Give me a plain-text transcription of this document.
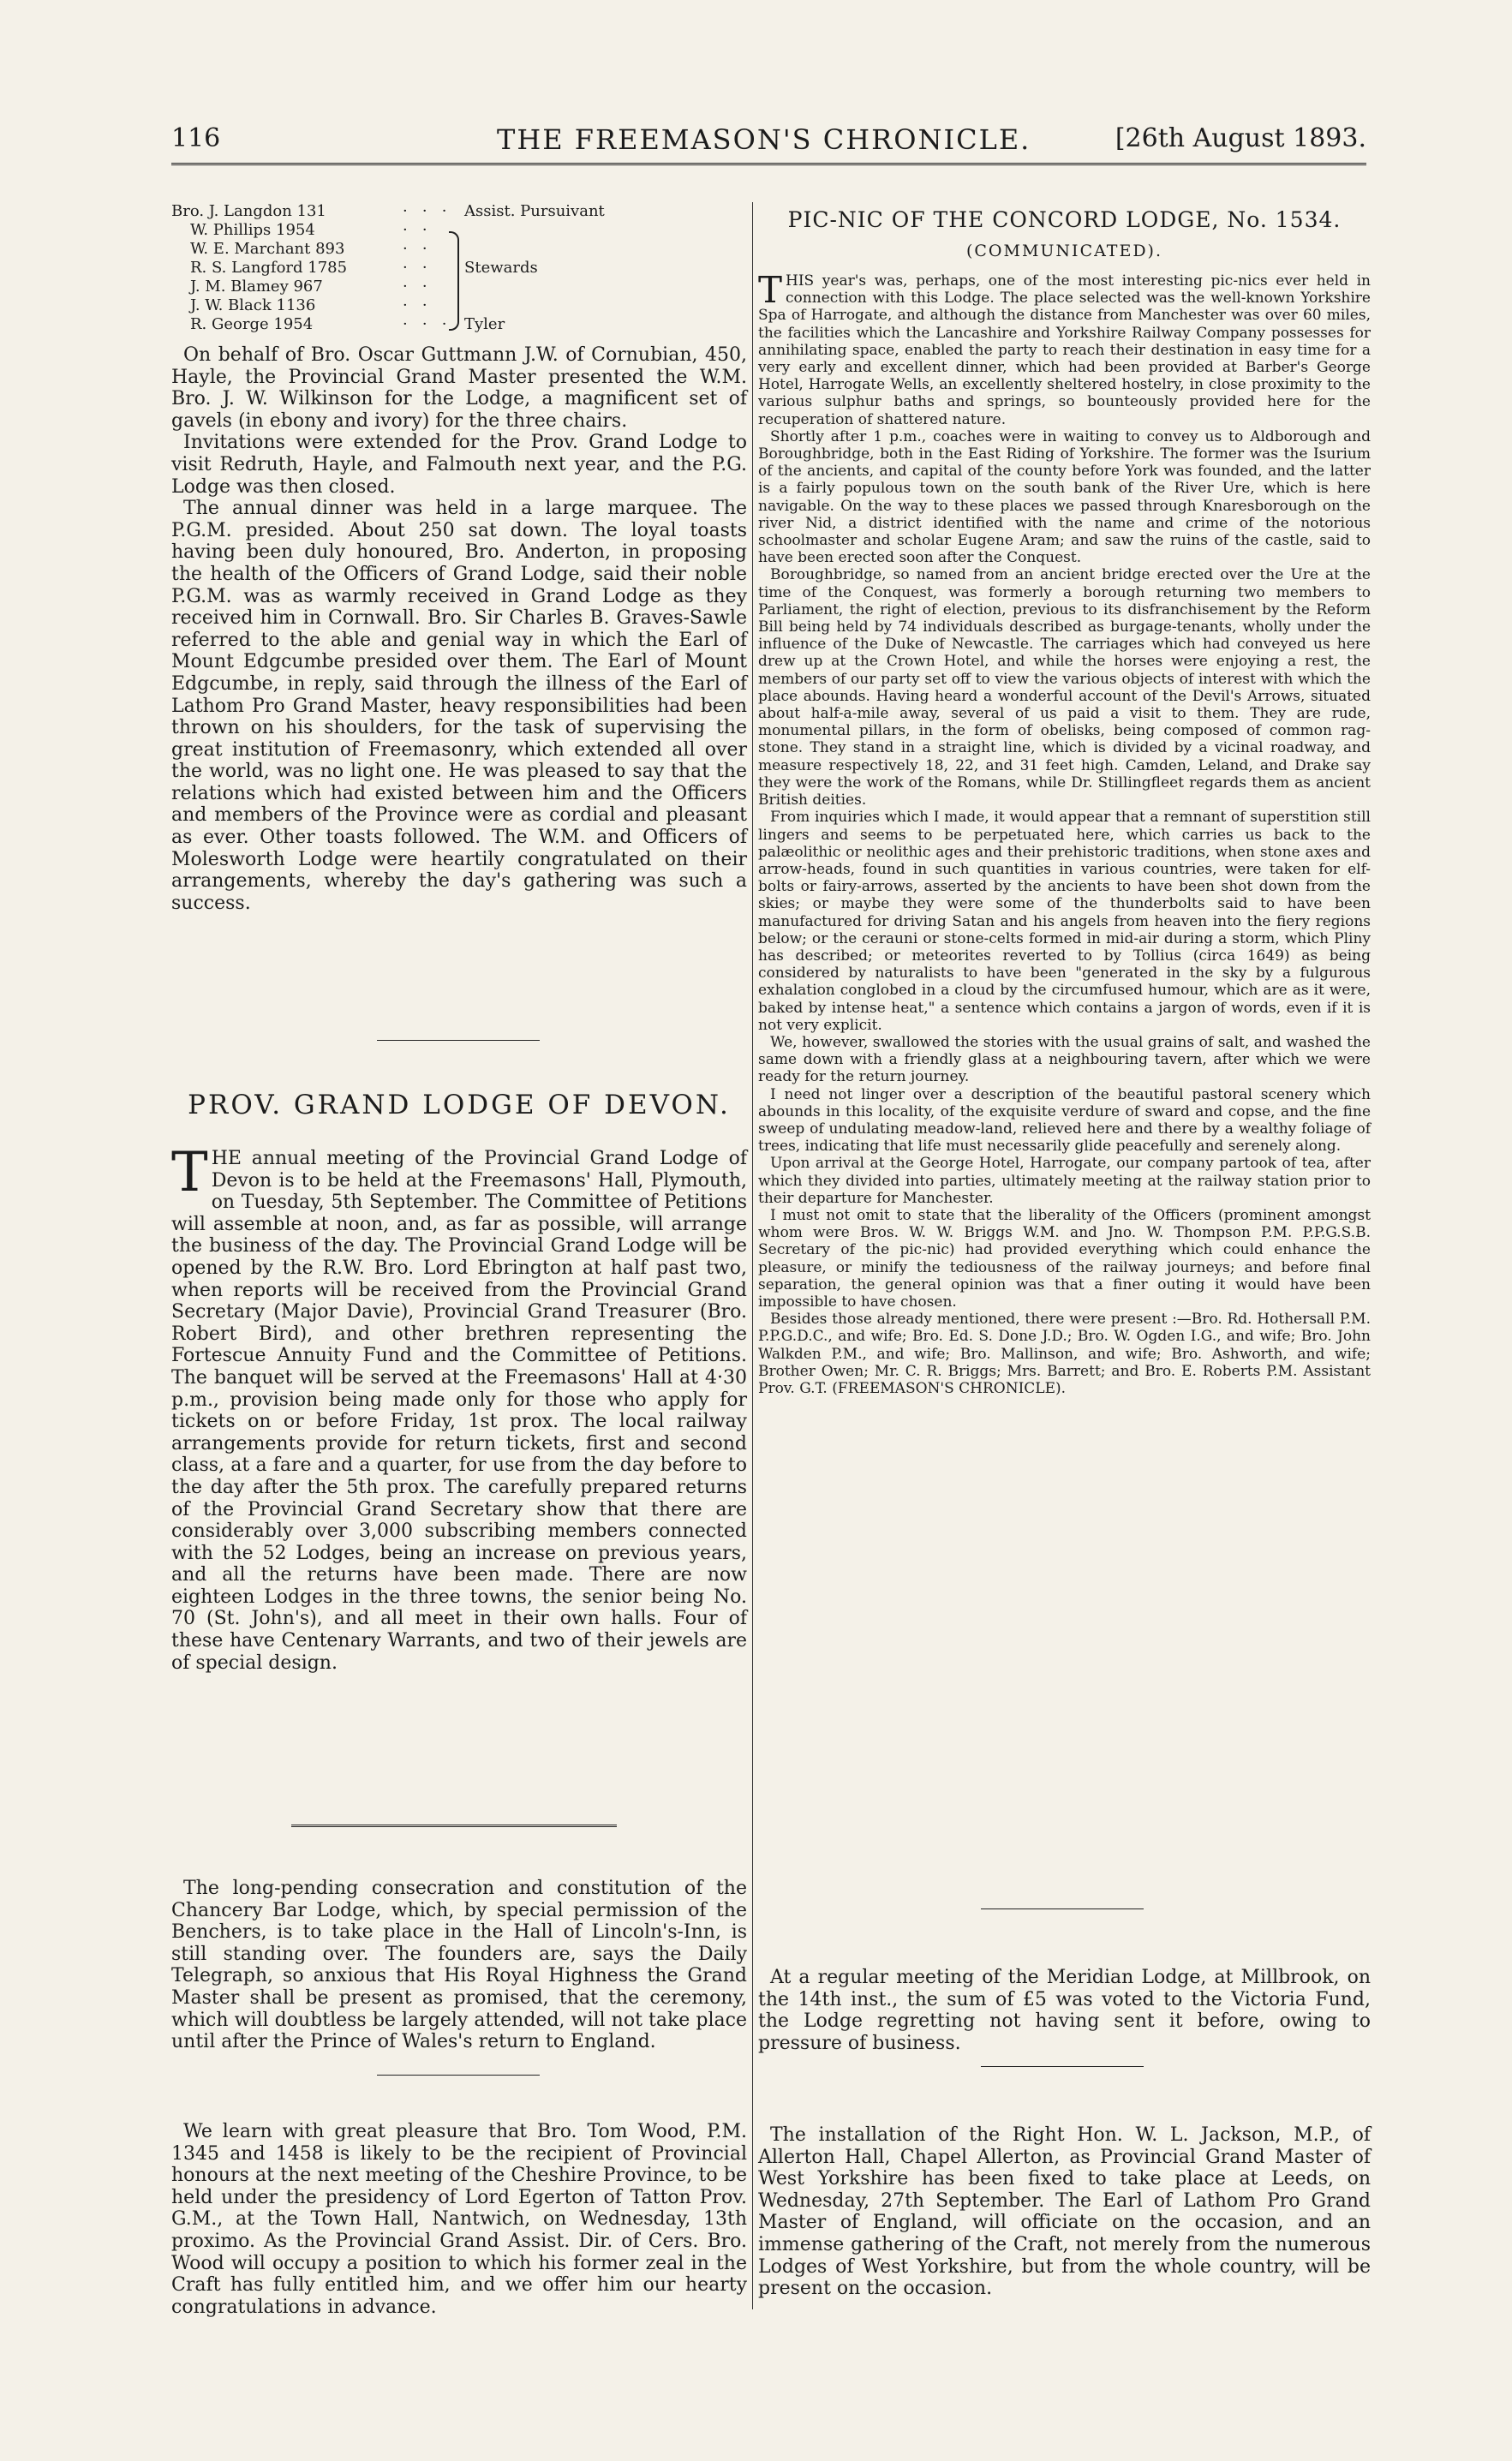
116	THE FREEMASON'S CHRONICLE.	[26th August 1893.
Bro. J. Langdon 131	·   ·   · Assist. Pursuivant
W. Phillips 1954	·   ·
W. E. Marchant 893	·   ·
R. S. Langford 1785	·   · Stewards
J. M. Blamey 967	·   ·
J. W. Black 1136	·   ·
R. George 1954	·   ·   · Tyler

On behalf of Bro. Oscar Guttmann J.W. of Cornubian, 450, Hayle, the Provincial Grand Master presented the W.M. Bro. J. W. Wilkinson for the Lodge, a magnificent set of gavels (in ebony and ivory) for the three chairs.

Invitations were extended for the Prov. Grand Lodge to visit Redruth, Hayle, and Falmouth next year, and the P.G. Lodge was then closed.

The annual dinner was held in a large marquee. The P.G.M. presided. About 250 sat down. The loyal toasts having been duly honoured, Bro. Anderton, in proposing the health of the Officers of Grand Lodge, said their noble P.G.M. was as warmly received in Grand Lodge as they received him in Cornwall. Bro. Sir Charles B. Graves-Sawle referred to the able and genial way in which the Earl of Mount Edgcumbe presided over them. The Earl of Mount Edgcumbe, in reply, said through the illness of the Earl of Lathom Pro Grand Master, heavy responsibilities had been thrown on his shoulders, for the task of supervising the great institution of Freemasonry, which extended all over the world, was no light one. He was pleased to say that the relations which had existed between him and the Officers and members of the Province were as cordial and pleasant as ever. Other toasts followed. The W.M. and Officers of Molesworth Lodge were heartily congratulated on their arrangements, whereby the day's gathering was such a success.

PROV. GRAND LODGE OF DEVON.

THE annual meeting of the Provincial Grand Lodge of Devon is to be held at the Freemasons' Hall, Plymouth, on Tuesday, 5th September. The Committee of Petitions will assemble at noon, and, as far as possible, will arrange the business of the day. The Provincial Grand Lodge will be opened by the R.W. Bro. Lord Ebrington at half past two, when reports will be received from the Provincial Grand Secretary (Major Davie), Provincial Grand Treasurer (Bro. Robert Bird), and other brethren representing the Fortescue Annuity Fund and the Committee of Petitions. The banquet will be served at the Freemasons' Hall at 4·30 p.m., provision being made only for those who apply for tickets on or before Friday, 1st prox. The local railway arrangements provide for return tickets, first and second class, at a fare and a quarter, for use from the day before to the day after the 5th prox. The carefully prepared returns of the Provincial Grand Secretary show that there are considerably over 3,000 subscribing members connected with the 52 Lodges, being an increase on previous years, and all the returns have been made. There are now eighteen Lodges in the three towns, the senior being No. 70 (St. John's), and all meet in their own halls. Four of these have Centenary Warrants, and two of their jewels are of special design.

The long-pending consecration and constitution of the Chancery Bar Lodge, which, by special permission of the Benchers, is to take place in the Hall of Lincoln's-Inn, is still standing over. The founders are, says the Daily Telegraph, so anxious that His Royal Highness the Grand Master shall be present as promised, that the ceremony, which will doubtless be largely attended, will not take place until after the Prince of Wales's return to England.

We learn with great pleasure that Bro. Tom Wood, P.M. 1345 and 1458 is likely to be the recipient of Provincial honours at the next meeting of the Cheshire Province, to be held under the presidency of Lord Egerton of Tatton Prov. G.M., at the Town Hall, Nantwich, on Wednesday, 13th proximo. As the Provincial Grand Assist. Dir. of Cers. Bro. Wood will occupy a position to which his former zeal in the Craft has fully entitled him, and we offer him our hearty congratulations in advance.

PIC-NIC OF THE CONCORD LODGE, No. 1534.
(COMMUNICATED).

THIS year's was, perhaps, one of the most interesting pic-nics ever held in connection with this Lodge. The place selected was the well-known Yorkshire Spa of Harrogate, and although the distance from Manchester was over 60 miles, the facilities which the Lancashire and Yorkshire Railway Company possesses for annihilating space, enabled the party to reach their destination in easy time for a very early and excellent dinner, which had been provided at Barber's George Hotel, Harrogate Wells, an excellently sheltered hostelry, in close proximity to the various sulphur baths and springs, so bounteously provided here for the recuperation of shattered nature.

Shortly after 1 p.m., coaches were in waiting to convey us to Aldborough and Boroughbridge, both in the East Riding of Yorkshire. The former was the Isurium of the ancients, and capital of the county before York was founded, and the latter is a fairly populous town on the south bank of the River Ure, which is here navigable. On the way to these places we passed through Knaresborough on the river Nid, a district identified with the name and crime of the notorious schoolmaster and scholar Eugene Aram; and saw the ruins of the castle, said to have been erected soon after the Conquest.

Boroughbridge, so named from an ancient bridge erected over the Ure at the time of the Conquest, was formerly a borough returning two members to Parliament, the right of election, previous to its disfranchisement by the Reform Bill being held by 74 individuals described as burgage-tenants, wholly under the influence of the Duke of Newcastle. The carriages which had conveyed us here drew up at the Crown Hotel, and while the horses were enjoying a rest, the members of our party set off to view the various objects of interest with which the place abounds. Having heard a wonderful account of the Devil's Arrows, situated about half-a-mile away, several of us paid a visit to them. They are rude, monumental pillars, in the form of obelisks, being composed of common rag-stone. They stand in a straight line, which is divided by a vicinal roadway, and measure respectively 18, 22, and 31 feet high. Camden, Leland, and Drake say they were the work of the Romans, while Dr. Stillingfleet regards them as ancient British deities.

From inquiries which I made, it would appear that a remnant of superstition still lingers and seems to be perpetuated here, which carries us back to the palæolithic or neolithic ages and their prehistoric traditions, when stone axes and arrow-heads, found in such quantities in various countries, were taken for elf-bolts or fairy-arrows, asserted by the ancients to have been shot down from the skies; or maybe they were some of the thunderbolts said to have been manufactured for driving Satan and his angels from heaven into the fiery regions below; or the cerauni or stone-celts formed in mid-air during a storm, which Pliny has described; or meteorites reverted to by Tollius (circa 1649) as being considered by naturalists to have been "generated in the sky by a fulgurous exhalation conglobed in a cloud by the circumfused humour, which are as it were, baked by intense heat," a sentence which contains a jargon of words, even if it is not very explicit.

We, however, swallowed the stories with the usual grains of salt, and washed the same down with a friendly glass at a neighbouring tavern, after which we were ready for the return journey.

I need not linger over a description of the beautiful pastoral scenery which abounds in this locality, of the exquisite verdure of sward and copse, and the fine sweep of undulating meadow-land, relieved here and there by a wealthy foliage of trees, indicating that life must necessarily glide peacefully and serenely along.

Upon arrival at the George Hotel, Harrogate, our company partook of tea, after which they divided into parties, ultimately meeting at the railway station prior to their departure for Manchester.

I must not omit to state that the liberality of the Officers (prominent amongst whom were Bros. W. W. Briggs W.M. and Jno. W. Thompson P.M. P.P.G.S.B. Secretary of the pic-nic) had provided everything which could enhance the pleasure, or minify the tediousness of the railway journeys; and before final separation, the general opinion was that a finer outing it would have been impossible to have chosen.

Besides those already mentioned, there were present :—Bro. Rd. Hothersall P.M. P.P.G.D.C., and wife; Bro. Ed. S. Done J.D.; Bro. W. Ogden I.G., and wife; Bro. John Walkden P.M., and wife; Bro. Mallinson, and wife; Bro. Ashworth, and wife; Brother Owen; Mr. C. R. Briggs; Mrs. Barrett; and Bro. E. Roberts P.M. Assistant Prov. G.T. (FREEMASON'S CHRONICLE).

At a regular meeting of the Meridian Lodge, at Millbrook, on the 14th inst., the sum of £5 was voted to the Victoria Fund, the Lodge regretting not having sent it before, owing to pressure of business.

The installation of the Right Hon. W. L. Jackson, M.P., of Allerton Hall, Chapel Allerton, as Provincial Grand Master of West Yorkshire has been fixed to take place at Leeds, on Wednesday, 27th September. The Earl of Lathom Pro Grand Master of England, will officiate on the occasion, and an immense gathering of the Craft, not merely from the numerous Lodges of West Yorkshire, but from the whole country, will be present on the occasion.
